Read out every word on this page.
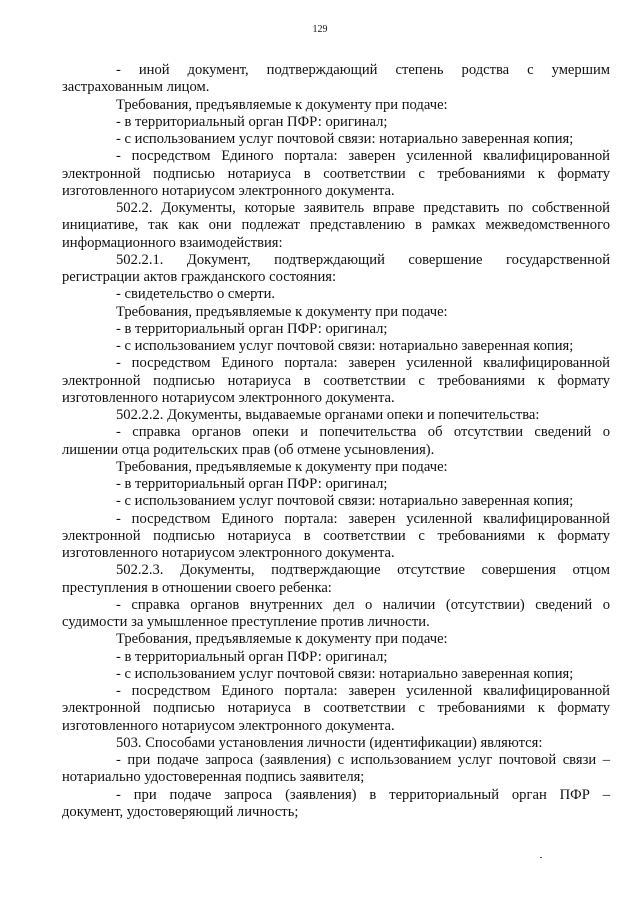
129
- иной документ, подтверждающий степень родства с умершим
застрахованным лицом.
Требования, предъявляемые к документу при подаче:
- в территориальный орган ПФР: оригинал;
- с использованием услуг почтовой связи: нотариально заверенная копия;
- посредством Единого портала: заверен усиленной квалифицированной
электронной подписью нотариуса в соответствии с требованиями к формату
изготовленного нотариусом электронного документа.
502.2. Документы, которые заявитель вправе представить по собственной
инициативе, так как они подлежат представлению в рамках межведомственного
информационного взаимодействия:
502.2.1. Документ, подтверждающий совершение государственной
регистрации актов гражданского состояния:
- свидетельство о смерти.
Требования, предъявляемые к документу при подаче:
- в территориальный орган ПФР: оригинал;
- с использованием услуг почтовой связи: нотариально заверенная копия;
- посредством Единого портала: заверен усиленной квалифицированной
электронной подписью нотариуса в соответствии с требованиями к формату
изготовленного нотариусом электронного документа.
502.2.2. Документы, выдаваемые органами опеки и попечительства:
- справка органов опеки и попечительства об отсутствии сведений о
лишении отца родительских прав (об отмене усыновления).
Требования, предъявляемые к документу при подаче:
- в территориальный орган ПФР: оригинал;
- с использованием услуг почтовой связи: нотариально заверенная копия;
- посредством Единого портала: заверен усиленной квалифицированной
электронной подписью нотариуса в соответствии с требованиями к формату
изготовленного нотариусом электронного документа.
502.2.3. Документы, подтверждающие отсутствие совершения отцом
преступления в отношении своего ребенка:
- справка органов внутренних дел о наличии (отсутствии) сведений о
судимости за умышленное преступление против личности.
Требования, предъявляемые к документу при подаче:
- в территориальный орган ПФР: оригинал;
- с использованием услуг почтовой связи: нотариально заверенная копия;
- посредством Единого портала: заверен усиленной квалифицированной
электронной подписью нотариуса в соответствии с требованиями к формату
изготовленного нотариусом электронного документа.
503. Способами установления личности (идентификации) являются:
- при подаче запроса (заявления) с использованием услуг почтовой связи –
нотариально удостоверенная подпись заявителя;
- при подаче запроса (заявления) в территориальный орган ПФР –
документ, удостоверяющий личность;
